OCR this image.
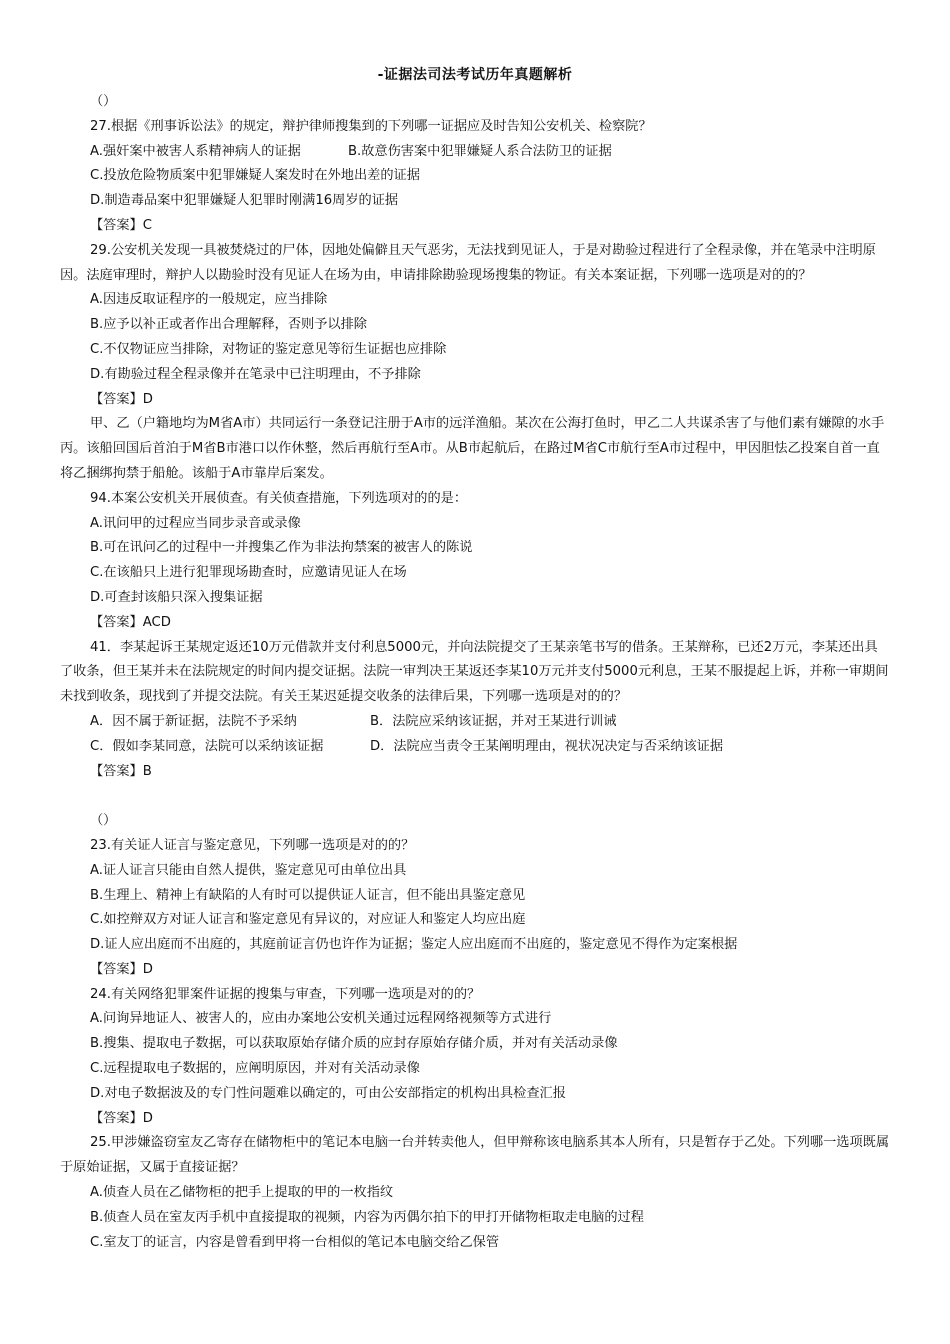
-证据法司法考试历年真题解析

（）

27.根据《刑事诉讼法》的规定，辩护律师搜集到的下列哪一证据应及时告知公安机关、检察院？

A.强奸案中被害人系精神病人的证据	B.故意伤害案中犯罪嫌疑人系合法防卫的证据

C.投放危险物质案中犯罪嫌疑人案发时在外地出差的证据

D.制造毒品案中犯罪嫌疑人犯罪时刚满16周岁的证据

【答案】C

29.公安机关发现一具被焚烧过的尸体，因地处偏僻且天气恶劣，无法找到见证人，于是对勘验过程进行了全程录像，并在笔录中注明原因。法庭审理时，辩护人以勘验时没有见证人在场为由，申请排除勘验现场搜集的物证。有关本案证据，下列哪一选项是对的的？

A.因违反取证程序的一般规定，应当排除

B.应予以补正或者作出合理解释，否则予以排除

C.不仅物证应当排除，对物证的鉴定意见等衍生证据也应排除

D.有勘验过程全程录像并在笔录中已注明理由，不予排除

【答案】D

甲、乙（户籍地均为M省A市）共同运行一条登记注册于A市的远洋渔船。某次在公海打鱼时，甲乙二人共谋杀害了与他们素有嫌隙的水手丙。该船回国后首泊于M省B市港口以作休整，然后再航行至A市。从B市起航后，在路过M省C市航行至A市过程中，甲因胆怯乙投案自首一直将乙捆绑拘禁于船舱。该船于A市靠岸后案发。

94.本案公安机关开展侦查。有关侦查措施，下列选项对的的是：

A.讯问甲的过程应当同步录音或录像

B.可在讯问乙的过程中一并搜集乙作为非法拘禁案的被害人的陈说

C.在该船只上进行犯罪现场勘查时，应邀请见证人在场

D.可查封该船只深入搜集证据

【答案】ACD

41．李某起诉王某规定返还10万元借款并支付利息5000元，并向法院提交了王某亲笔书写的借条。王某辩称，已还2万元，李某还出具了收条，但王某并未在法院规定的时间内提交证据。法院一审判决王某返还李某10万元并支付5000元利息，王某不服提起上诉，并称一审期间未找到收条，现找到了并提交法院。有关王某迟延提交收条的法律后果，下列哪一选项是对的的？

A．因不属于新证据，法院不予采纳	B．法院应采纳该证据，并对王某进行训诫

C．假如李某同意，法院可以采纳该证据	D．法院应当责令王某阐明理由，视状况决定与否采纳该证据

【答案】B

（）

23.有关证人证言与鉴定意见，下列哪一选项是对的的？

A.证人证言只能由自然人提供，鉴定意见可由单位出具

B.生理上、精神上有缺陷的人有时可以提供证人证言，但不能出具鉴定意见

C.如控辩双方对证人证言和鉴定意见有异议的，对应证人和鉴定人均应出庭

D.证人应出庭而不出庭的，其庭前证言仍也许作为证据；鉴定人应出庭而不出庭的，鉴定意见不得作为定案根据

【答案】D

24.有关网络犯罪案件证据的搜集与审查，下列哪一选项是对的的？

A.问询异地证人、被害人的，应由办案地公安机关通过远程网络视频等方式进行

B.搜集、提取电子数据，可以获取原始存储介质的应封存原始存储介质，并对有关活动录像

C.远程提取电子数据的，应阐明原因，并对有关活动录像

D.对电子数据波及的专门性问题难以确定的，可由公安部指定的机构出具检查汇报

【答案】D

25.甲涉嫌盗窃室友乙寄存在储物柜中的笔记本电脑一台并转卖他人，但甲辩称该电脑系其本人所有，只是暂存于乙处。下列哪一选项既属于原始证据，又属于直接证据？

A.侦查人员在乙储物柜的把手上提取的甲的一枚指纹

B.侦查人员在室友丙手机中直接提取的视频，内容为丙偶尔拍下的甲打开储物柜取走电脑的过程

C.室友丁的证言，内容是曾看到甲将一台相似的笔记本电脑交给乙保管
